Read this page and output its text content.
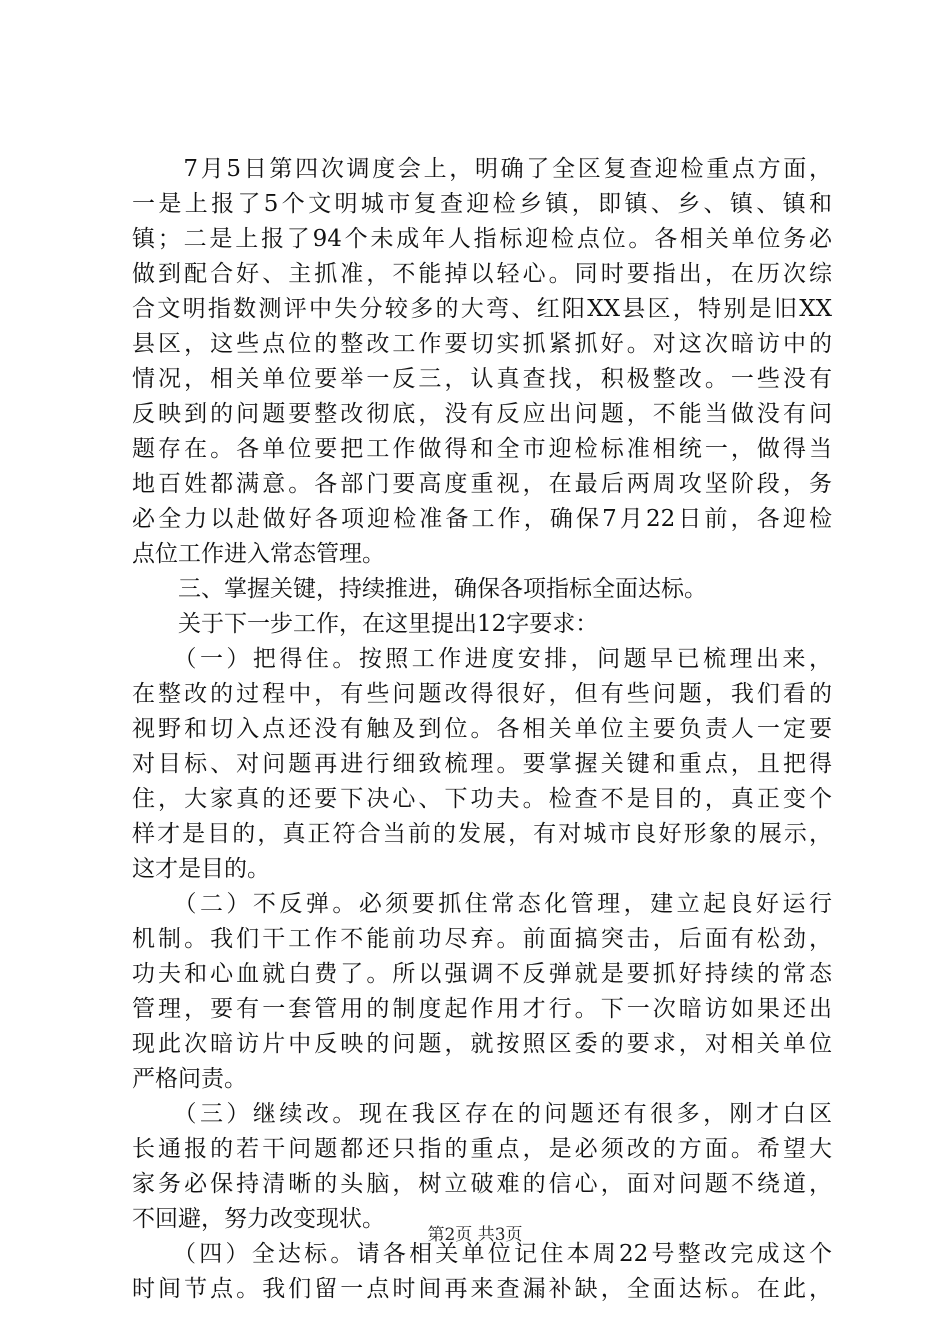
　　7月5日第四次调度会上，明确了全区复查迎检重点方面，
一是上报了5个文明城市复查迎检乡镇，即镇、乡、镇、镇和
镇；二是上报了94个未成年人指标迎检点位。各相关单位务必
做到配合好、主抓准，不能掉以轻心。同时要指出，在历次综
合文明指数测评中失分较多的大弯、红阳XX县区，特别是旧XX
县区，这些点位的整改工作要切实抓紧抓好。对这次暗访中的
情况，相关单位要举一反三，认真查找，积极整改。一些没有
反映到的问题要整改彻底，没有反应出问题，不能当做没有问
题存在。各单位要把工作做得和全市迎检标准相统一，做得当
地百姓都满意。各部门要高度重视，在最后两周攻坚阶段，务
必全力以赴做好各项迎检准备工作，确保7月22日前，各迎检
点位工作进入常态管理。
　　三、掌握关键，持续推进，确保各项指标全面达标。
　　关于下一步工作，在这里提出12字要求：
　　（一）把得住。按照工作进度安排，问题早已梳理出来，
在整改的过程中，有些问题改得很好，但有些问题，我们看的
视野和切入点还没有触及到位。各相关单位主要负责人一定要
对目标、对问题再进行细致梳理。要掌握关键和重点，且把得
住，大家真的还要下决心、下功夫。检查不是目的，真正变个
样才是目的，真正符合当前的发展，有对城市良好形象的展示，
这才是目的。
　　（二）不反弹。必须要抓住常态化管理，建立起良好运行
机制。我们干工作不能前功尽弃。前面搞突击，后面有松劲，
功夫和心血就白费了。所以强调不反弹就是要抓好持续的常态
管理，要有一套管用的制度起作用才行。下一次暗访如果还出
现此次暗访片中反映的问题，就按照区委的要求，对相关单位
严格问责。
　　（三）继续改。现在我区存在的问题还有很多，刚才白区
长通报的若干问题都还只指的重点，是必须改的方面。希望大
家务必保持清晰的头脑，树立破难的信心，面对问题不绕道，
不回避，努力改变现状。
　　（四）全达标。请各相关单位记住本周22号整改完成这个
时间节点。我们留一点时间再来查漏补缺，全面达标。在此，
第2页 共3页
